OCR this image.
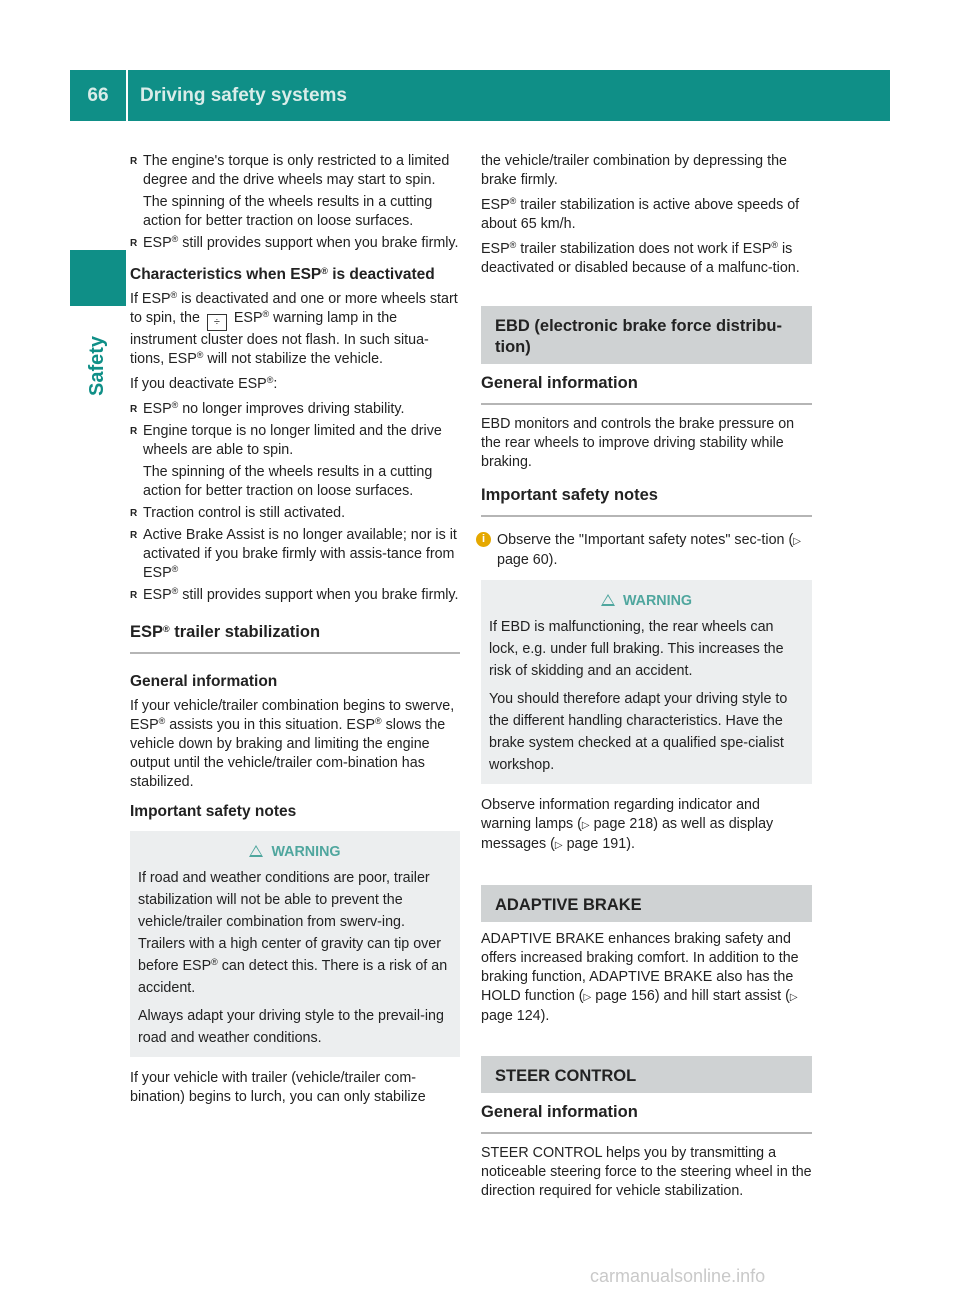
66	Driving safety systems
Safety
R The engine's torque is only restricted to a limited degree and the drive wheels may start to spin.

The spinning of the wheels results in a cutting action for better traction on loose surfaces.

R ESP® still provides support when you brake firmly.
Characteristics when ESP® is deactivated

If ESP® is deactivated and one or more wheels start to spin, the ÷ ESP® warning lamp in the instrument cluster does not flash. In such situa-tions, ESP® will not stabilize the vehicle.

If you deactivate ESP®:

R ESP® no longer improves driving stability.
R Engine torque is no longer limited and the drive wheels are able to spin.

The spinning of the wheels results in a cutting action for better traction on loose surfaces.

R Traction control is still activated.
R Active Brake Assist is no longer available; nor is it activated if you brake firmly with assis-tance from ESP®
R ESP® still provides support when you brake firmly.
ESP® trailer stabilization
General information

If your vehicle/trailer combination begins to swerve, ESP® assists you in this situation. ESP® slows the vehicle down by braking and limiting the engine output until the vehicle/trailer com-bination has stabilized.

Important safety notes
WARNING

If road and weather conditions are poor, trailer stabilization will not be able to prevent the vehicle/trailer combination from swerv-ing. Trailers with a high center of gravity can tip over before ESP® can detect this. There is a risk of an accident.

Always adapt your driving style to the prevail-ing road and weather conditions.

If your vehicle with trailer (vehicle/trailer com-bination) begins to lurch, you can only stabilize

the vehicle/trailer combination by depressing the brake firmly.

ESP® trailer stabilization is active above speeds of about 65 km/h.

ESP® trailer stabilization does not work if ESP® is deactivated or disabled because of a malfunc-tion.

EBD (electronic brake force distribu-tion)
General information

EBD monitors and controls the brake pressure on the rear wheels to improve driving stability while braking.

Important safety notes
i Observe the "Important safety notes" sec-tion (▷ page 60).
WARNING

If EBD is malfunctioning, the rear wheels can lock, e.g. under full braking. This increases the risk of skidding and an accident.

You should therefore adapt your driving style to the different handling characteristics. Have the brake system checked at a qualified spe-cialist workshop.

Observe information regarding indicator and warning lamps (▷ page 218) as well as display messages (▷ page 191).

ADAPTIVE BRAKE

ADAPTIVE BRAKE enhances braking safety and offers increased braking comfort. In addition to the braking function, ADAPTIVE BRAKE also has the HOLD function (▷ page 156) and hill start assist (▷ page 124).

STEER CONTROL
General information

STEER CONTROL helps you by transmitting a noticeable steering force to the steering wheel in the direction required for vehicle stabilization.

carmanualsonline.info
